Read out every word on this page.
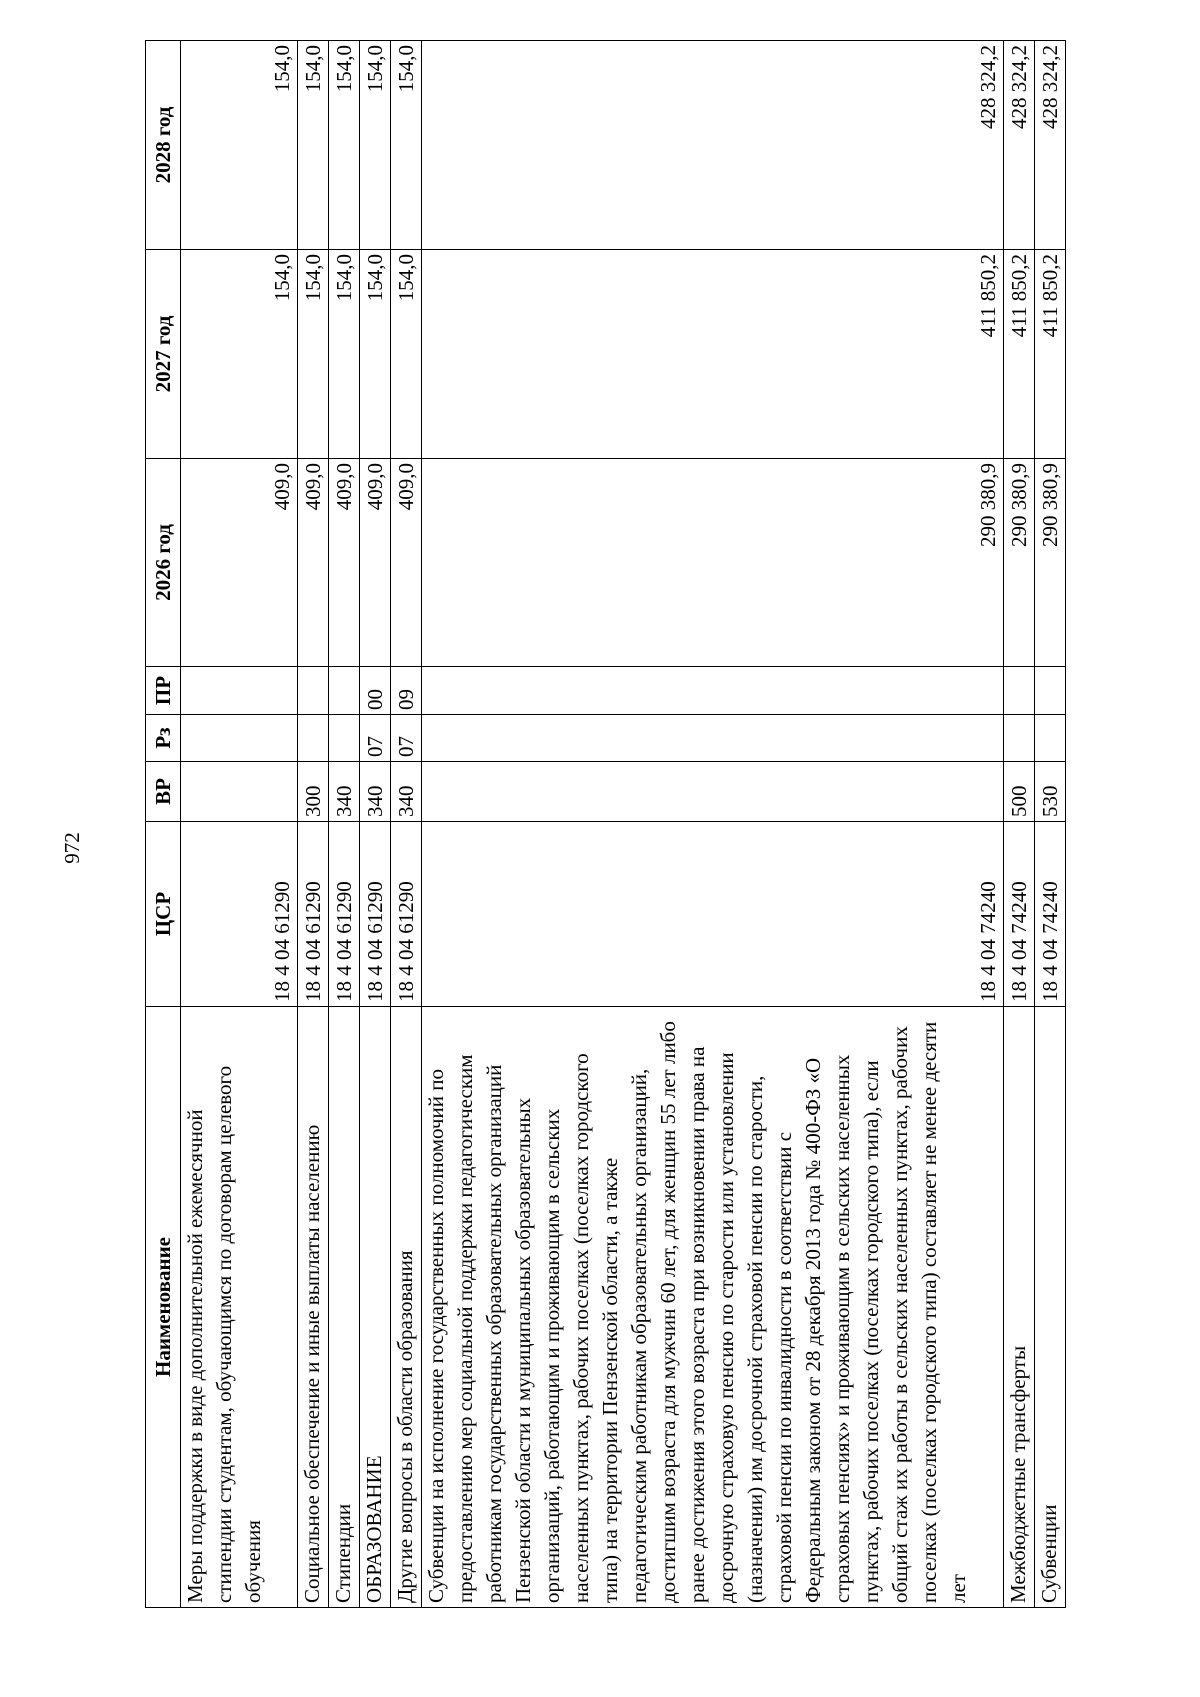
972
Наименование	ЦСР	ВР	Рз	ПР	2026 год	2027 год	2028 год
Меры поддержки в виде дополнительной ежемесячной стипендии студентам, обучающимся по договорам целевого обучения	18 4 04 61290				409,0	154,0	154,0
Социальное обеспечение и иные выплаты населению	18 4 04 61290	300			409,0	154,0	154,0
Стипендии	18 4 04 61290	340			409,0	154,0	154,0
ОБРАЗОВАНИЕ	18 4 04 61290	340	07	00	409,0	154,0	154,0
Другие вопросы в области образования	18 4 04 61290	340	07	09	409,0	154,0	154,0
Субвенции на исполнение государственных полномочий по предоставлению мер социальной поддержки педагогическим работникам государственных образовательных организаций Пензенской области и муниципальных образовательных организаций, работающим и проживающим в сельских населенных пунктах, рабочих поселках (поселках городского типа) на территории Пензенской области, а также педагогическим работникам образовательных организаций, достигшим возраста для мужчин 60 лет, для женщин 55 лет либо ранее достижения этого возраста при возникновении права на досрочную страховую пенсию по старости или установлении (назначении) им досрочной страховой пенсии по старости, страховой пенсии по инвалидности в соответствии с Федеральным законом от 28 декабря 2013 года № 400-ФЗ «О страховых пенсиях» и проживающим в сельских населенных пунктах, рабочих поселках (поселках городского типа), если общий стаж их работы в сельских населенных пунктах, рабочих поселках (поселках городского типа) составляет не менее десяти лет	18 4 04 74240				290 380,9	411 850,2	428 324,2
Межбюджетные трансферты	18 4 04 74240	500			290 380,9	411 850,2	428 324,2
Субвенции	18 4 04 74240	530			290 380,9	411 850,2	428 324,2
